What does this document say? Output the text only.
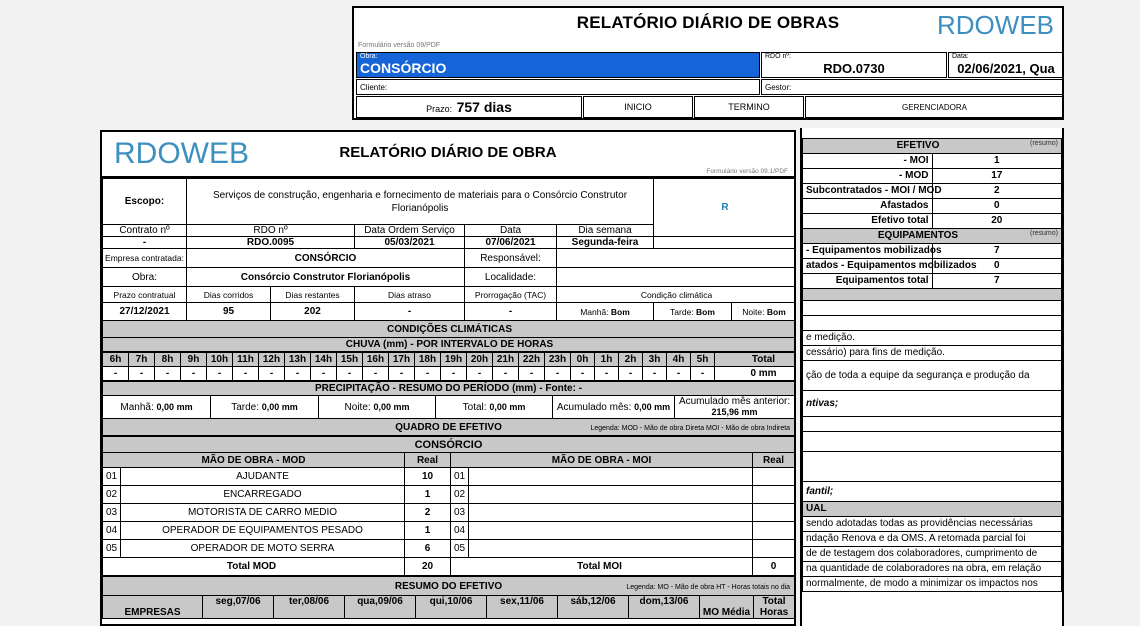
RELATÓRIO DIÁRIO DE OBRAS	RDOWEB
Formulário versão 09/PDF
Obra:
CONSÓRCIO
RDO nº:
RDO.0730
Data:
02/06/2021, Qua
Cliente:	Gestor:
Prazo: 757 dias	INICIO	TERMINO	GERENCIADORA

EFETIVO (resumo)	

- MOI	1
- MOD	17
Subcontratados - MOI / MOD	2
Afastados	0
Efetivo total	20
EQUIPAMENTOS (resumo)	

- Equipamentos mobilizados	7
atados - Equipamentos mobilizados	0
Equipamentos total	7

e medição.	
cessário) para fins de medição.	
ção de toda a equipe da segurança e produção da	
ntivas;	

fantil;	
UAL	
sendo adotadas todas as providências necessárias	
ndação Renova e da OMS. A retomada parcial foi	
de de testagem dos colaboradores, cumprimento de	
na quantidade de colaboradores na obra, em relação	
normalmente, de modo a minimizar os impactos nos	
RDOWEB	RELATÓRIO DIÁRIO DE OBRA
Formulário versão 09.1/PDF
Escopo:	Serviços de construção, engenharia e fornecimento de materiais para o Consórcio Construtor Florianópolis					R	
Contrato nº	RDO nº		Data Ordem Serviço	Data	Dia semana		
-	RDO.0095		05/03/2021	07/06/2021	Segunda-feira		
Empresa contratada:	CONSÓRCIO			Responsável:			
Obra:	Consórcio Construtor Florianópolis			Localidade:			
Prazo contratual	Dias corridos	Dias restantes	Dias atraso	Prorrogação (TAC)	Condição climática		
27/12/2021	95	202	-	-	Manhã: Bom	Tarde: Bom	Noite: Bom
CONDIÇÕES CLIMÁTICAS							
CHUVA (mm) - POR INTERVALO DE HORAS							
6h	7h	8h	9h	10h	11h	12h	13h	14h	15h	16h	17h	18h	19h	20h	21h	22h	23h	0h	1h	2h	3h	4h	5h	Total
-	-	-	-	-	-	-	-	-	-	-	-	-	-	-	-	-	-	-	-	-	-	-	-	0 mm
PRECIPITAÇÃO - RESUMO DO PERÍODO (mm) - Fonte: -
Manhã: 0,00 mm	Tarde: 0,00 mm	Noite: 0,00 mm	Total: 0,00 mm	Acumulado mês: 0,00 mm	Acumulado mês anterior: 215,96 mm
QUADRO DE EFETIVO	Legenda: MOD - Mão de obra Direta MOI - Mão de obra Indireta
CONSÓRCIO					
MÃO DE OBRA - MOD		Real	MÃO DE OBRA - MOI		Real
01	AJUDANTE	10	01		
02	ENCARREGADO	1	02		
03	MOTORISTA DE CARRO MEDIO	2	03		
04	OPERADOR DE EQUIPAMENTOS PESADO	1	04		
05	OPERADOR DE MOTO SERRA	6	05		
Total MOD		20	Total MOI		0
RESUMO DO EFETIVO	Legenda: MO - Mão de obra HT - Horas totais no dia

EMPRESAS	seg,07/06	ter,08/06	qua,09/06	qui,10/06	sex,11/06	sáb,12/06	dom,13/06	MO Média	Total Horas
